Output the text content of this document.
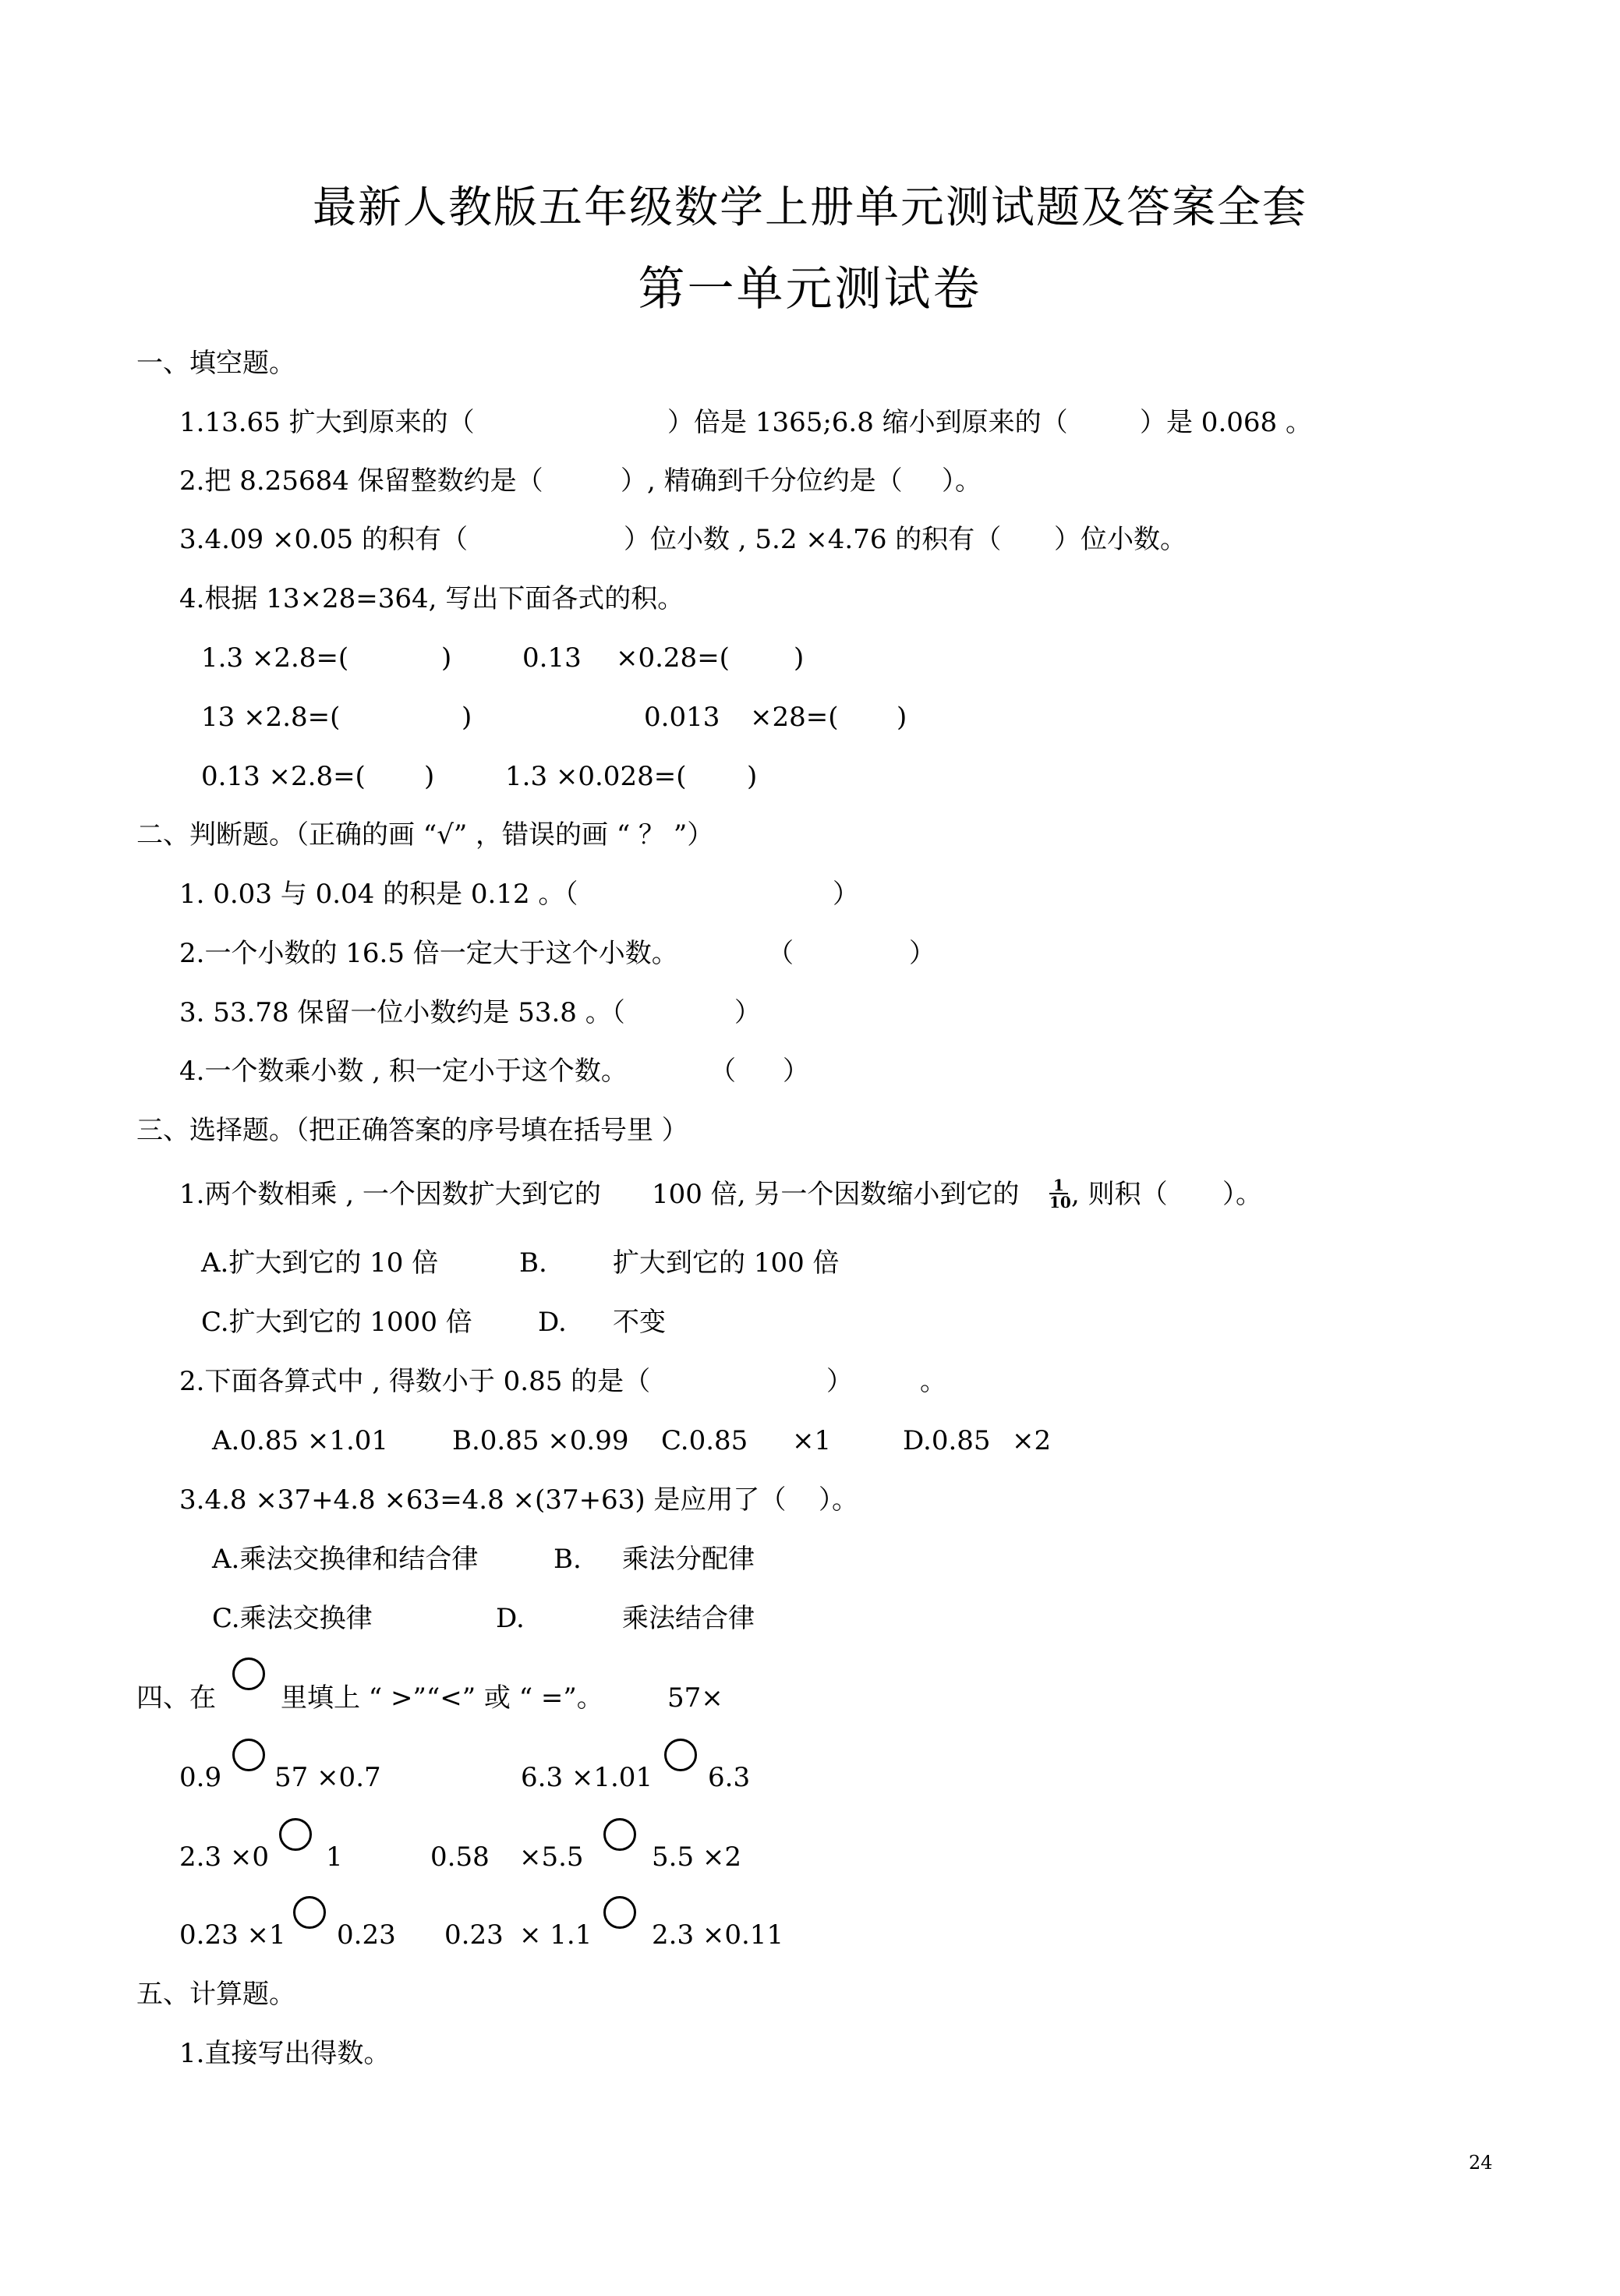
最新人教版五年级数学上册单元测试题及答案全套
第一单元测试卷
一、填空题。
1.13.65 扩大到原来的（	）倍是 1365;6.8 缩小到原来的（	）是 0.068 。
2.把 8.25684 保留整数约是（	）, 精确到千分位约是（ ）。
3.4.09 ×0.05 的积有（	）位小数 , 5.2 ×4.76 的积有（ ）位小数。
4.根据 13×28=364, 写出下面各式的积。
1.3 ×2.8=(	)	0.13 ×0.28=( )
13 ×2.8=(	)	0.013 ×28=( )
0.13 ×2.8=( )	1.3 ×0.028=( )
二、判断题。（正确的画 “√” ，错误的画 “ ？ ”）
1. 0.03 与 0.04 的积是 0.12 。（	）
2.一个小数的 16.5 倍一定大于这个小数。	（	）
3. 53.78 保留一位小数约是 53.8 。（	）
4.一个数乘小数 , 积一定小于这个数。	（ ）
三、选择题。（把正确答案的序号填在括号里 ）
1.两个数相乘 , 一个因数扩大到它的 100 倍, 另一个因数缩小到它的 $\frac{1}{10}$ , 则积（ ）。
A.扩大到它的 10 倍	B. 扩大到它的 100 倍
C.扩大到它的 1000 倍 D. 不变
2.下面各算式中 , 得数小于 0.85 的是（	）	。
A.0.85 ×1.01 B.0.85 ×0.99 C.0.85 ×1	D.0.85 ×2
3.4.8 ×37+4.8 ×63=4.8 ×(37+63) 是应用了（ ）。
A.乘法交换律和结合律	B. 乘法分配律
C.乘法交换律	D.	乘法结合律
四、在 里填上 “ >”“<” 或 “ =”。 57×
0.9 57 ×0.7	6.3 ×1.01 6.3
2.3 ×0 1	0.58 ×5.5	5.5 ×2
0.23 ×1 0.23 0.23 × 1.1 2.3 ×0.11
五、计算题。
1.直接写出得数。
24
